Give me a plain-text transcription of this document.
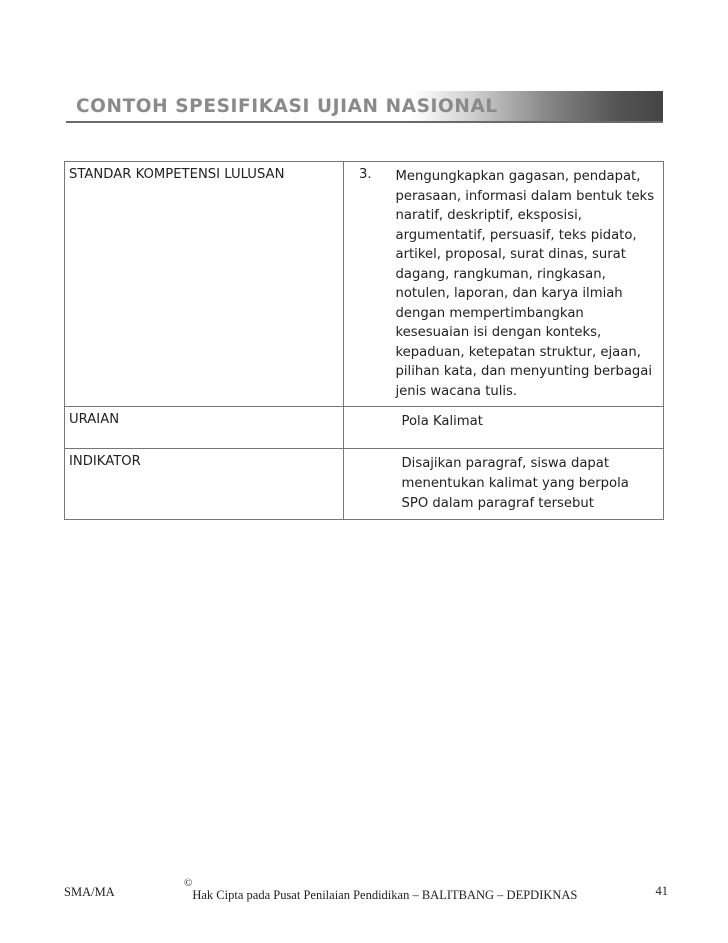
CONTOH SPESIFIKASI UJIAN NASIONAL
STANDAR KOMPETENSI LULUSAN	3.	Mengungkapkan gagasan, pendapat, perasaan, informasi dalam bentuk teks naratif, deskriptif, eksposisi, argumentatif, persuasif, teks pidato, artikel, proposal, surat dinas, surat dagang, rangkuman, ringkasan, notulen, laporan, dan karya ilmiah dengan mempertimbangkan kesesuaian isi dengan konteks, kepaduan, ketepatan struktur, ejaan, pilihan kata, dan menyunting berbagai jenis wacana tulis.
URAIAN		Pola Kalimat
INDIKATOR		Disajikan paragraf, siswa dapat menentukan kalimat yang berpola SPO dalam paragraf tersebut
SMA/MA
©Hak Cipta pada Pusat Penilaian Pendidikan – BALITBANG – DEPDIKNAS	41
